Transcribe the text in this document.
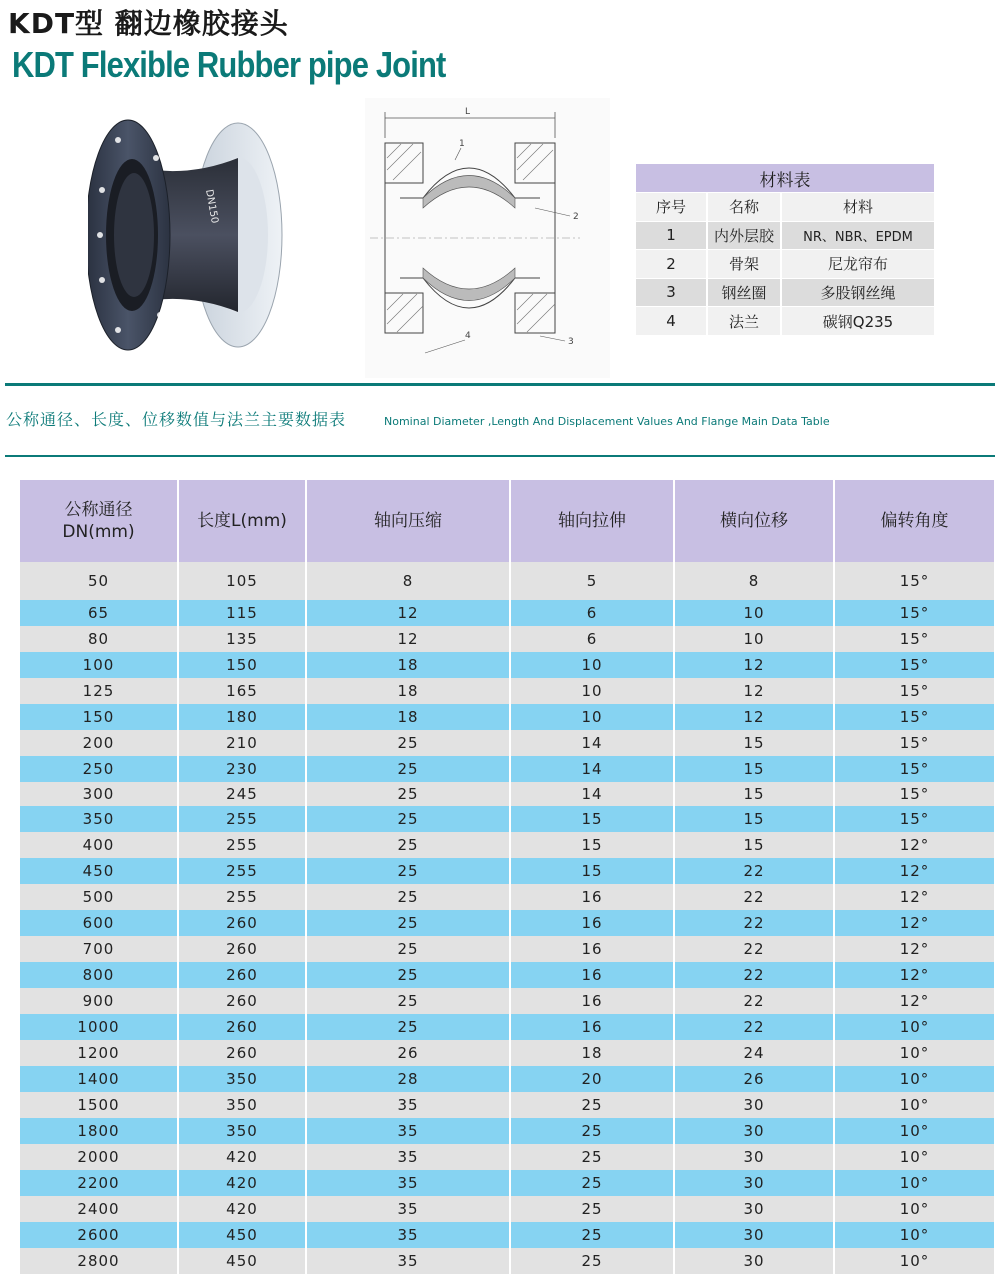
KDT型 翻边橡胶接头
KDT Flexible Rubber pipe Joint
DN150
L
1
2
3
4
材料表		
序号	名称	材料
1	内外层胶	NR、NBR、EPDM
2	骨架	尼龙帘布
3	钢丝圈	多股钢丝绳
4	法兰	碳钢Q235
公称通径、长度、位移数值与法兰主要数据表	Nominal Diameter ,Length And Displacement Values And Flange Main Data Table
公称通径
DN(mm)	长度L(mm)	轴向压缩	轴向拉伸	横向位移	偏转角度
50	105	8	5	8	15°
65	115	12	6	10	15°
80	135	12	6	10	15°
100	150	18	10	12	15°
125	165	18	10	12	15°
150	180	18	10	12	15°
200	210	25	14	15	15°
250	230	25	14	15	15°
300	245	25	14	15	15°
350	255	25	15	15	15°
400	255	25	15	15	12°
450	255	25	15	22	12°
500	255	25	16	22	12°
600	260	25	16	22	12°
700	260	25	16	22	12°
800	260	25	16	22	12°
900	260	25	16	22	12°
1000	260	25	16	22	10°
1200	260	26	18	24	10°
1400	350	28	20	26	10°
1500	350	35	25	30	10°
1800	350	35	25	30	10°
2000	420	35	25	30	10°
2200	420	35	25	30	10°
2400	420	35	25	30	10°
2600	450	35	25	30	10°
2800	450	35	25	30	10°
